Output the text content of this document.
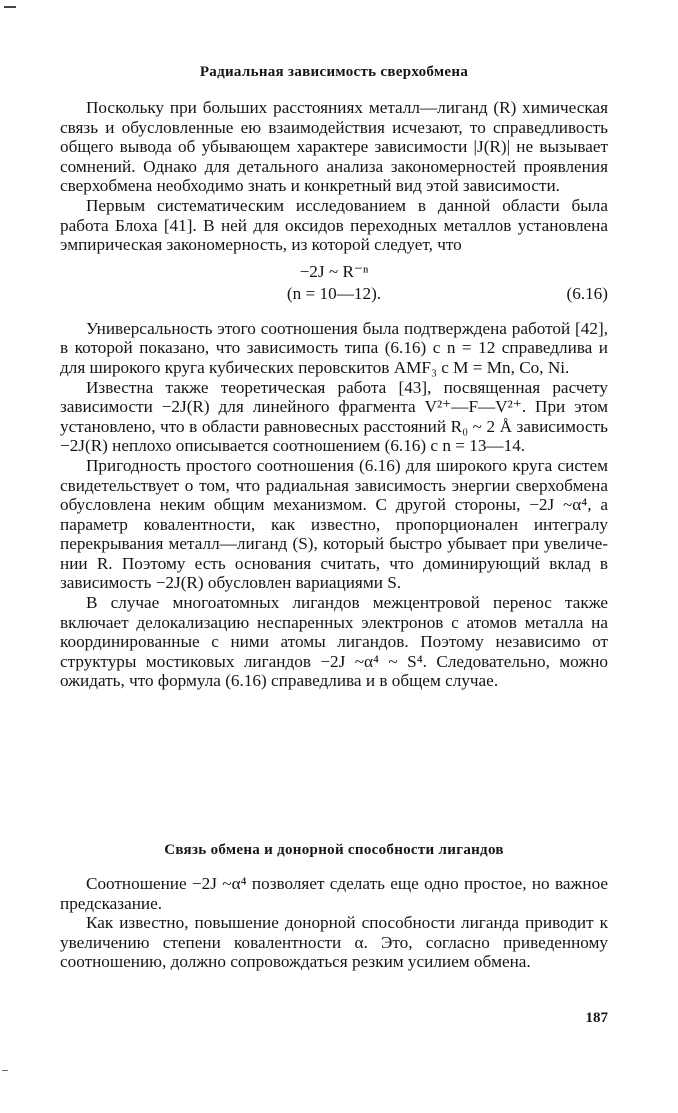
Радиальная зависимость сверхобмена

Поскольку при больших расстояниях металл—лиганд (R) химическая связь и обусловленные ею взаимодействия исчезают, то справедливость общего вывода об убывающем характере зависимости |J(R)| не вызывает сомнений. Однако для детального анализа закономерностей проявления сверхобмена необходимо знать и конкретный вид этой зависимости.

Первым систематическим исследованием в данной области была работа Блоха [41]. В ней для оксидов переходных металлов установлена эмпирическая закономерность, из которой следует, что

−2J ~ R⁻ⁿ
(n = 10—12).	(6.16)

Универсальность этого соотношения была подтверждена работой [42], в которой показано, что зависимость типа (6.16) с n = 12 справедлива и для широкого круга кубических перовскитов AMF₃ с M = Mn, Co, Ni.

Известна также теоретическая работа [43], посвященная расчету зависимости −2J(R) для линейного фрагмента V²⁺—F—V²⁺. При этом установлено, что в области равновесных расстояний R₀ ~ 2 Å зависимость −2J(R) неплохо описывается соотношением (6.16) с n = 13—14.

Пригодность простого соотношения (6.16) для широкого круга систем свидетельствует о том, что радиальная зависимость энергии сверхобмена обусловлена неким общим механизмом. С другой стороны, −2J ~α⁴, а параметр ковалентности, как известно, пропорционален интегралу перекрывания металл—лиганд (S), который быстро убывает при увеличении R. Поэтому есть основания считать, что доминирующий вклад в зависимость −2J(R) обусловлен вариациями S.

В случае многоатомных лигандов межцентровой перенос также включает делокализацию неспаренных электронов с атомов металла на координированные с ними атомы лигандов. Поэтому независимо от структуры мостиковых лигандов −2J ~α⁴ ~ S⁴. Следовательно, можно ожидать, что формула (6.16) справедлива и в общем случае.

Связь обмена и донорной способности лигандов

Соотношение −2J ~α⁴ позволяет сделать еще одно простое, но важное предсказание.

Как известно, повышение донорной способности лиганда приводит к увеличению степени ковалентности α. Это, согласно приведенному соотношению, должно сопровождаться резким усилием обмена.

187
